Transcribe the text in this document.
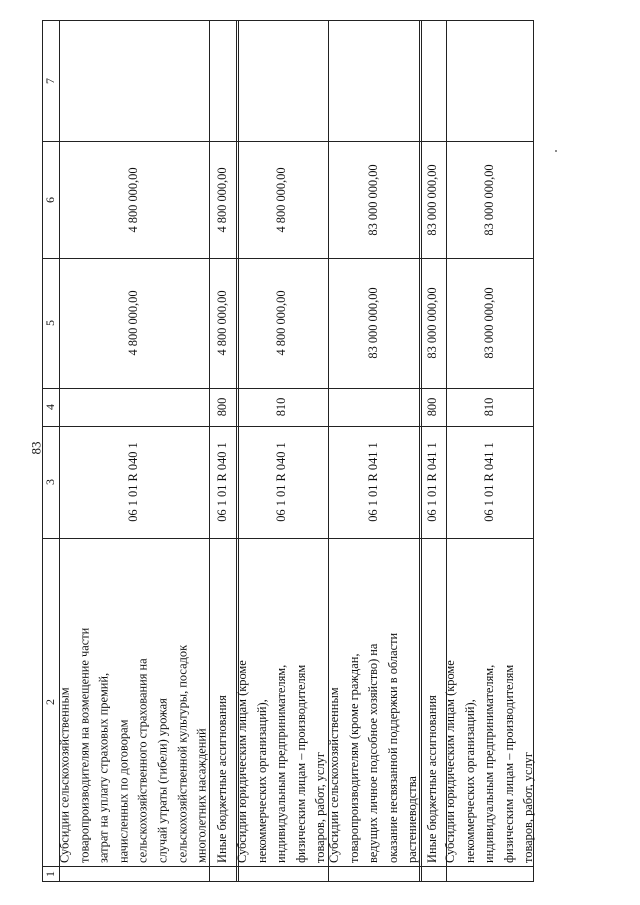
83
7
6
5
4
3
2
1
4 800 000,00
4 800 000,00
06 1 01 R 040 1
Субсидии сельскохозяйственным товаропроизводителям на возмещение части затрат на уплату страховых премий, начисленных по договорам сельскохозяйственного страхования на случай утраты (гибели) урожая сельскохозяйственной культуры, посадок многолетних насаждений
4 800 000,00
4 800 000,00
800
06 1 01 R 040 1
Иные бюджетные ассигнования
4 800 000,00
4 800 000,00
810
06 1 01 R 040 1
Субсидии юридическим лицам (кроме некоммерческих организаций), индивидуальным предпринимателям, физическим лицам – производителям товаров, работ, услуг
83 000 000,00
83 000 000,00
06 1 01 R 041 1
Субсидии сельскохозяйственным товаропроизводителям (кроме граждан, ведущих личное подсобное хозяйство) на оказание несвязанной поддержки в области растениеводства
83 000 000,00
83 000 000,00
800
06 1 01 R 041 1
Иные бюджетные ассигнования
83 000 000,00
83 000 000,00
810
06 1 01 R 041 1
Субсидии юридическим лицам (кроме некоммерческих организаций), индивидуальным предпринимателям, физическим лицам – производителям товаров, работ, услуг
